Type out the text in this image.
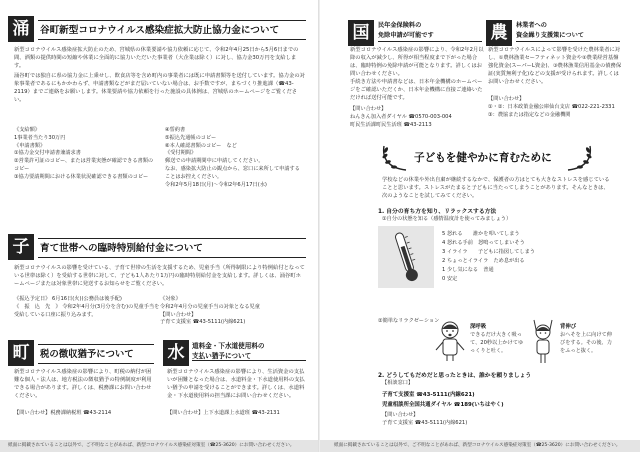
涌	谷町新型コロナウイルス感染症拡大防止協力金について

新型コロナウイルス感染症拡大防止のため、宮城県の休業要請や協力依頼に応じて、令和2年4月25日から5月6日までの間、酒類の提供時間の短縮や休業に全面的に協力いただいた事業者（大企業は除く）に対し、協力金30万円を支給します。

涌谷町では独自に県の協力金に上乗せし、飲食店等を含め町内の事業者には既に申請書類等を送付しています。協力金の対象事業者であるにもかかわらず、申請書類などがまだ届いていない場合は、お手数ですが、まちづくり推進課（☎43-2119）までご連絡をお願いします。休業要請や協力依頼を行った施設の具体例は、宮城県のホームページをご覧ください。

《支給額》
1事業者当たり30万円
《申請書類》
①協力金交付申請書兼請求書
②営業許可証のコピー、または営業実態が確認できる書類のコピー
③協力要請期間における休業状況確認できる書類のコピー
④誓約書
⑤振込先通帳のコピー
⑥本人確認書類のコピー　など
《受付期間》
郵送での申請期間中に申請してください。
なお、感染拡大防止の観点から、窓口に来所して申請することはお控えください。
令和2年5月18日(月)〜令和2年6月17日(水)
子	育て世帯への臨時特別給付金について
新型コロナウイルスの影響を受けている、子育て世帯の生活を支援するため、児童手当（所得制限により特例給付となっている世帯は除く）を受給する世帯に対して、子ども1人あたり1万円の臨時特別給付金を支給します。詳しくは、涌谷町ホームページまたは対象世帯に発送するお知らせをご覧ください。
《振込予定日》 6月16日(火)(公務員は後手配)
《　振　込　先　》 令和2年4月分(3月分を含む)の児童手当を受給している口座に振り込みます。
《対象》
令和2年4月分の児童手当の対象となる児童
【問い合わせ】
子育て支援室 ☎43-5111(内線621)
町	税の徴収猶予について
新型コロナウイルス感染症の影響により、町税の納付が困難な個人・法人は、地方税法の徴収猶予の特例制度が利用できる場合があります。詳しくは、税務課にお問い合わせください。
【問い合わせ】税務課納税班 ☎43-2114
水	道料金・下水道使用料の
支払い猶予について
新型コロナウイルス感染症の影響により、生活資金の支払いが困難となった場合は、水道料金・下水道使用料の支払い猶予の申請を受けることができます。詳しくは、水道料金・下水道使用料の担当課にお問い合わせください。
【問い合わせ】上下水道課上水道班 ☎43-2131
紙面に掲載されていることは以外で、ご不明なことがあれば、新型コロナウイルス感染症対策室（☎25-3620）にお問い合わせください。
国	民年金保険料の
免除申請が可能です

新型コロナウイルス感染症の影響により、令和2年2月以降の収入が減少し、所得が相当程度まで下がった場合は、臨時特例の免除申請が可能となります。詳しくはお問い合わせください。

手続き方法や申請書などは、日本年金機構のホームページをご確認いただくか、日本年金機構に直接ご連絡いただければ送付可能です。

【問い合わせ】
ねんきん加入者ダイヤル ☎0570-003-004
町民生活課町民生活班 ☎43-2113
農	林業者への
資金繰り支援策について
新型コロナウイルスによって影響を受けた農林業者に対し、①農林漁業セーフティネット資金や②農業経営基盤強化資金(スーパーL資金)、③農林漁業信用基金の債務保証(実質無利子化)などの支援が受けられます。詳しくはお問い合わせください。
【問い合わせ】
①・②：日本政策金融公庫仙台支店 ☎022-221-2331
③：農協または指定などの金融機関
子どもを健やかに育むために
学校などの休業や外出自粛が継続するなかで、保護者の方はとても大きなストレスを感じていることと思います。ストレスがたまると子どもに当たってしまうことがあります。そんなときは、次のようなことを試してみてください。
1. 自分の育ち方を知り、リラックスする方法
①自分の状態を知る（感情温度計を使ってみましょう）
5 怒れる　　誰かを叩いてしまう
4 怒れる手前　怒鳴ってしまいそう
3 イライラ　　子どもに指図してしまう
2 ちょっとイライラ　ため息が出る
1 少し気になる　普通
0 安定
②簡単なリラクゼーション
深呼吸
できるだけ大きく吸って、20秒以上かけてゆっくりと吐く。
背伸び
おへそを上に向けて伸びをする。その後、力をふっと抜く。
2. どうしてもだめだと思ったときは、誰かを頼りましょう
【相談窓口】
子育て支援室 ☎43-5111(内線621)
児童相談所全国共通ダイヤル ☎189(いちはやく)
【問い合わせ】
子育て支援室 ☎43-5111(内線621)
紙面に掲載されていることは以外で、ご不明なことがあれば、新型コロナウイルス感染症対策室（☎25-3620）にお問い合わせください。
